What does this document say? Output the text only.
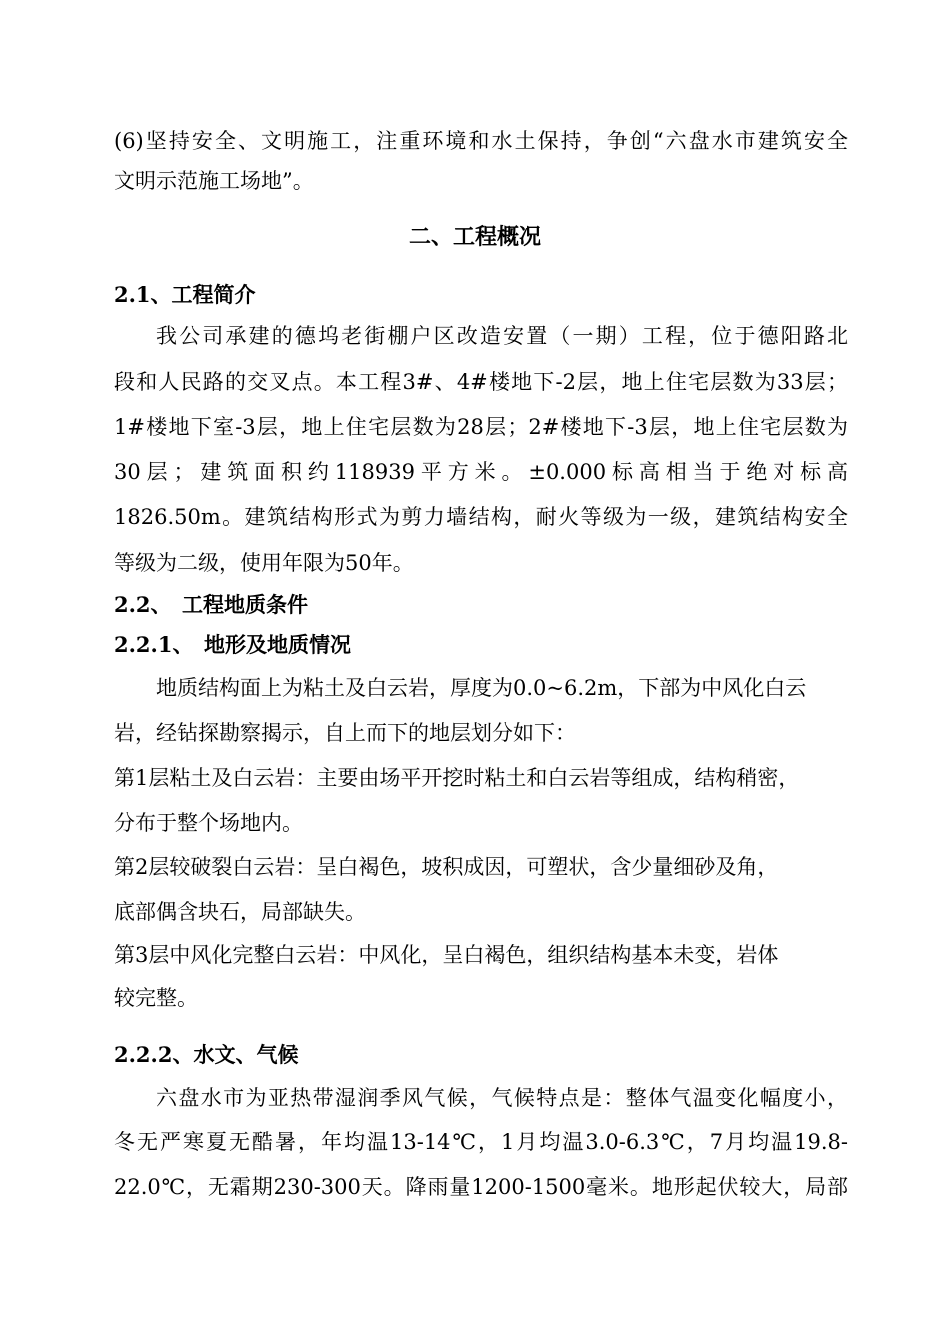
(6)坚持安全、文明施工，注重环境和水土保持，争创“六盘水市建筑安全
文明示范施工场地”。
二、工程概况
2.1、工程简介
我公司承建的德坞老街棚户区改造安置（一期）工程，位于德阳路北
段和人民路的交叉点。本工程3#、4#楼地下-2层，地上住宅层数为33层；
1#楼地下室-3层，地上住宅层数为28层；2#楼地下-3层，地上住宅层数为
30层；建筑面积约118939平方米。±0.000标高相当于绝对标高
1826.50m。建筑结构形式为剪力墙结构，耐火等级为一级，建筑结构安全
等级为二级，使用年限为50年。
2.2、　工程地质条件
2.2.1、　地形及地质情况
地质结构面上为粘土及白云岩，厚度为0.0~6.2m，下部为中风化白云
岩，经钻探勘察揭示，自上而下的地层划分如下：
第1层粘土及白云岩：主要由场平开挖时粘土和白云岩等组成，结构稍密，
分布于整个场地内。
第2层较破裂白云岩：呈白褐色，坡积成因，可塑状，含少量细砂及角，
底部偶含块石，局部缺失。
第3层中风化完整白云岩：中风化，呈白褐色，组织结构基本未变，岩体
较完整。
2.2.2、水文、气候
六盘水市为亚热带湿润季风气候，气候特点是：整体气温变化幅度小，
冬无严寒夏无酷暑，年均温13-14℃，1月均温3.0-6.3℃，7月均温19.8-
22.0℃，无霜期230-300天。降雨量1200-1500毫米。地形起伏较大，局部
